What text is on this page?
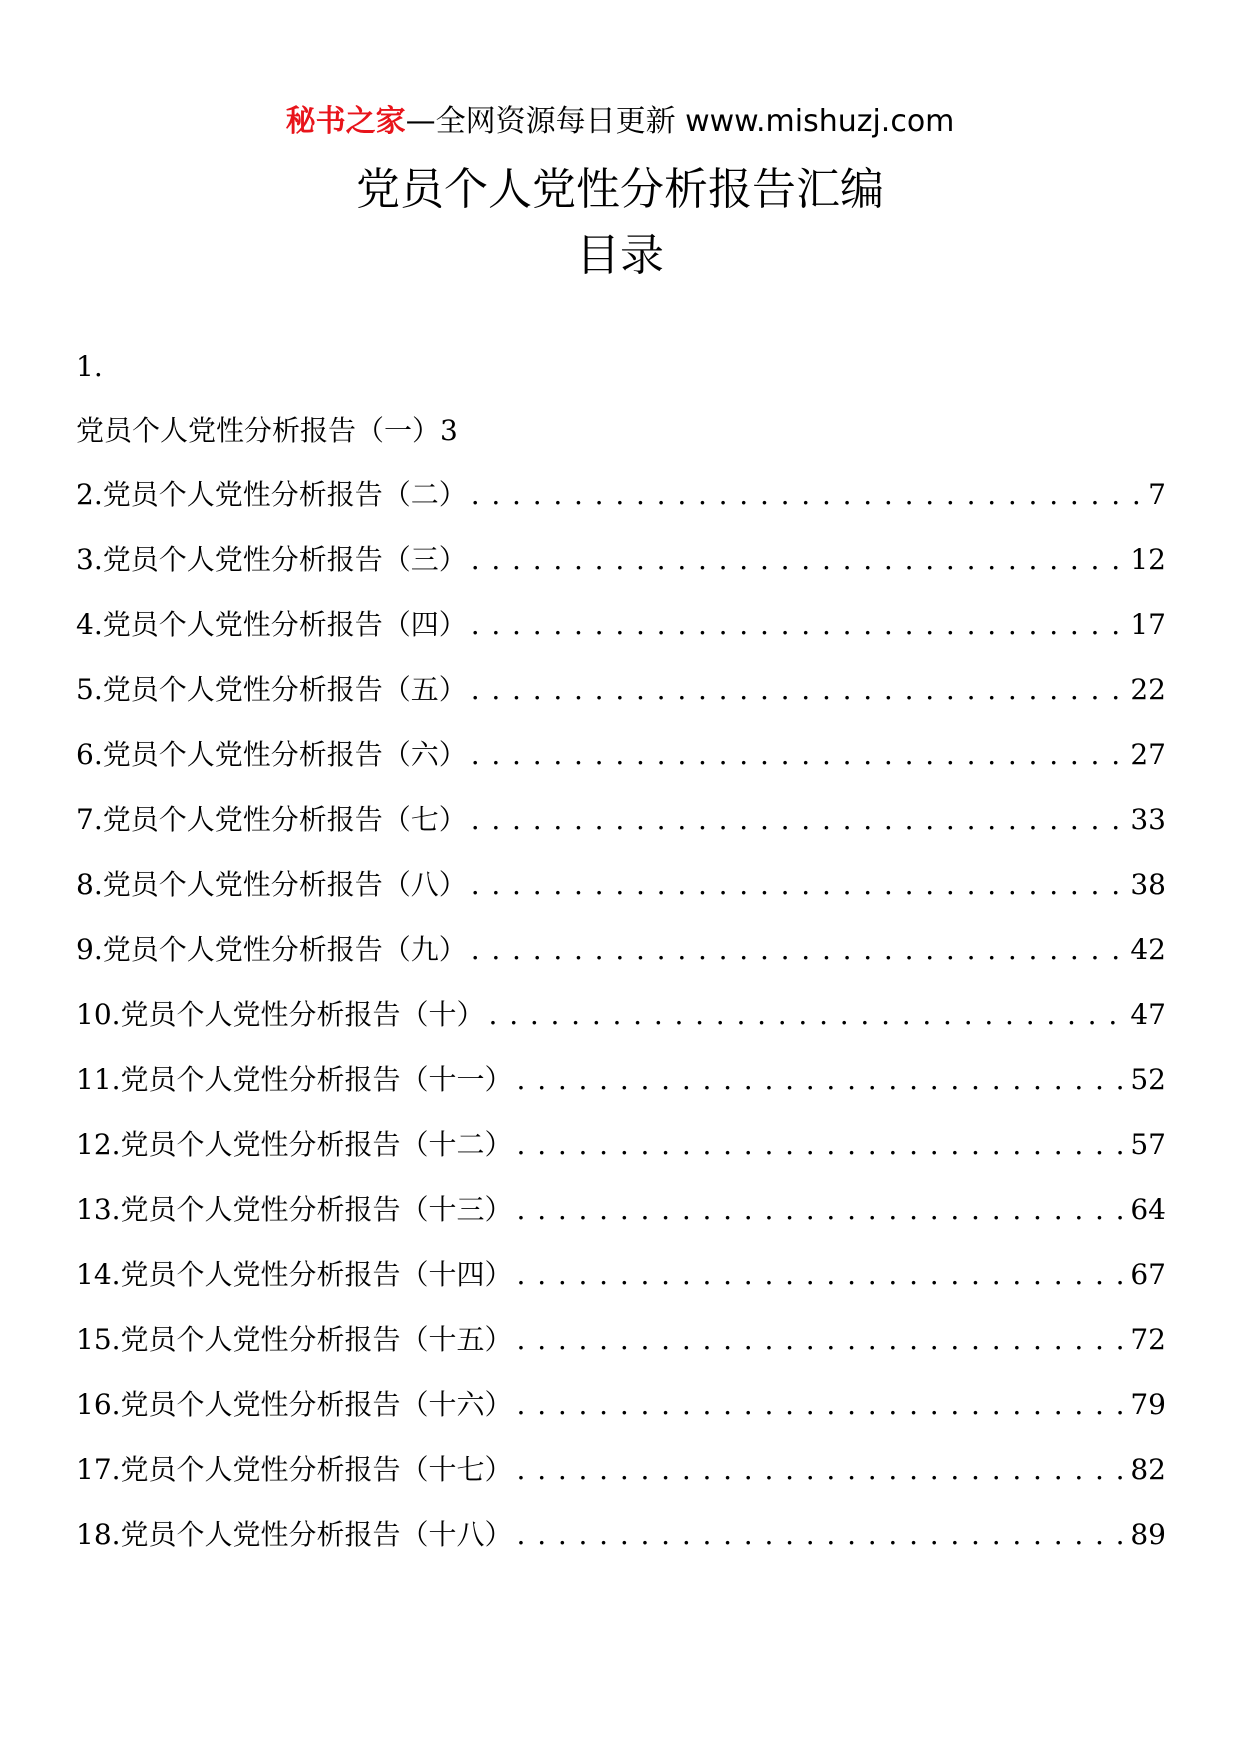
秘书之家—全网资源每日更新 www.mishuzj.com
党员个人党性分析报告汇编
目录
1.
党员个人党性分析报告（一）3
2.党员个人党性分析报告（二） .....	7
3.党员个人党性分析报告（三） .....	12
4.党员个人党性分析报告（四） .....	17
5.党员个人党性分析报告（五） .....	22
6.党员个人党性分析报告（六） .....	27
7.党员个人党性分析报告（七） .....	33
8.党员个人党性分析报告（八） .....	38
9.党员个人党性分析报告（九） .....	42
10.党员个人党性分析报告（十） .....	47
11.党员个人党性分析报告（十一） .....	52
12.党员个人党性分析报告（十二） .....	57
13.党员个人党性分析报告（十三） .....	64
14.党员个人党性分析报告（十四） .....	67
15.党员个人党性分析报告（十五） .....	72
16.党员个人党性分析报告（十六） .....	79
17.党员个人党性分析报告（十七） .....	82
18.党员个人党性分析报告（十八） .....	89
